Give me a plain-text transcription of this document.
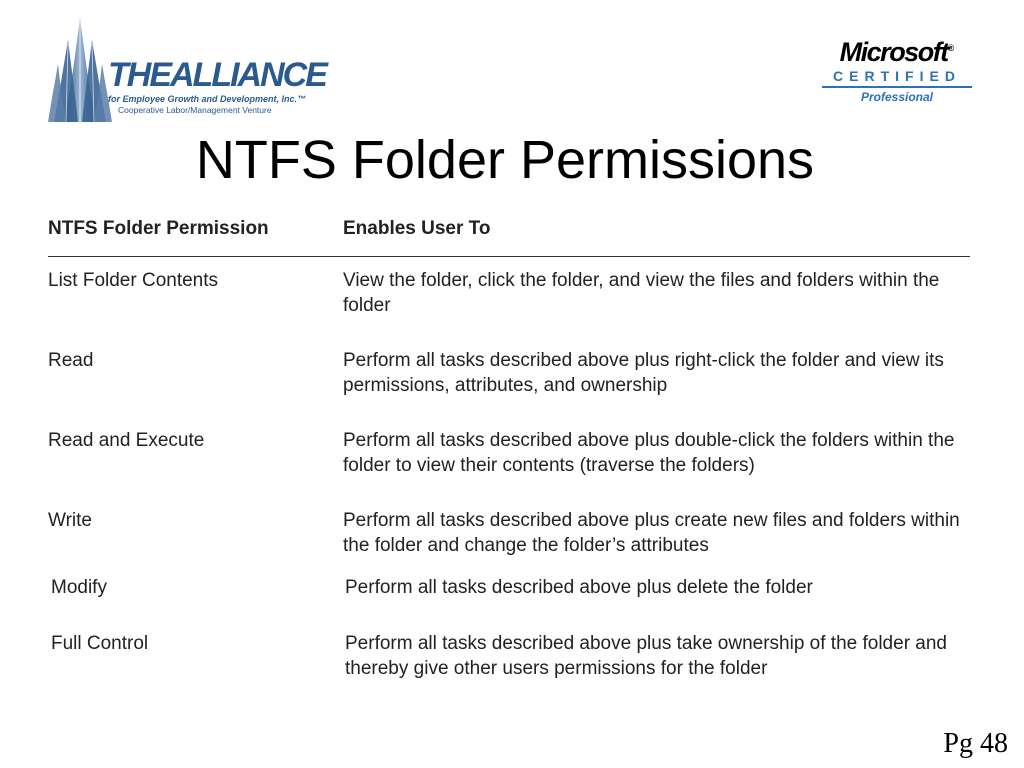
THEALLIANCE
for Employee Growth and Development, Inc.™
Cooperative Labor/Management Venture
Microsoft®
CERTIFIED
Professional
NTFS Folder Permissions
NTFS Folder Permission	Enables User To
List Folder Contents	View the folder, click the folder, and view the files and folders within the folder
Read	Perform all tasks described above plus right-click the folder and view its permissions, attributes, and ownership
Read and Execute	Perform all tasks described above plus double-click the folders within the folder to view their contents (traverse the folders)
Write	Perform all tasks described above plus create new files and folders within the folder and change the folder’s attributes
Modify	Perform all tasks described above plus delete the folder
Full Control	Perform all tasks described above plus take ownership of the folder and thereby give other users permissions for the folder
Pg 48
